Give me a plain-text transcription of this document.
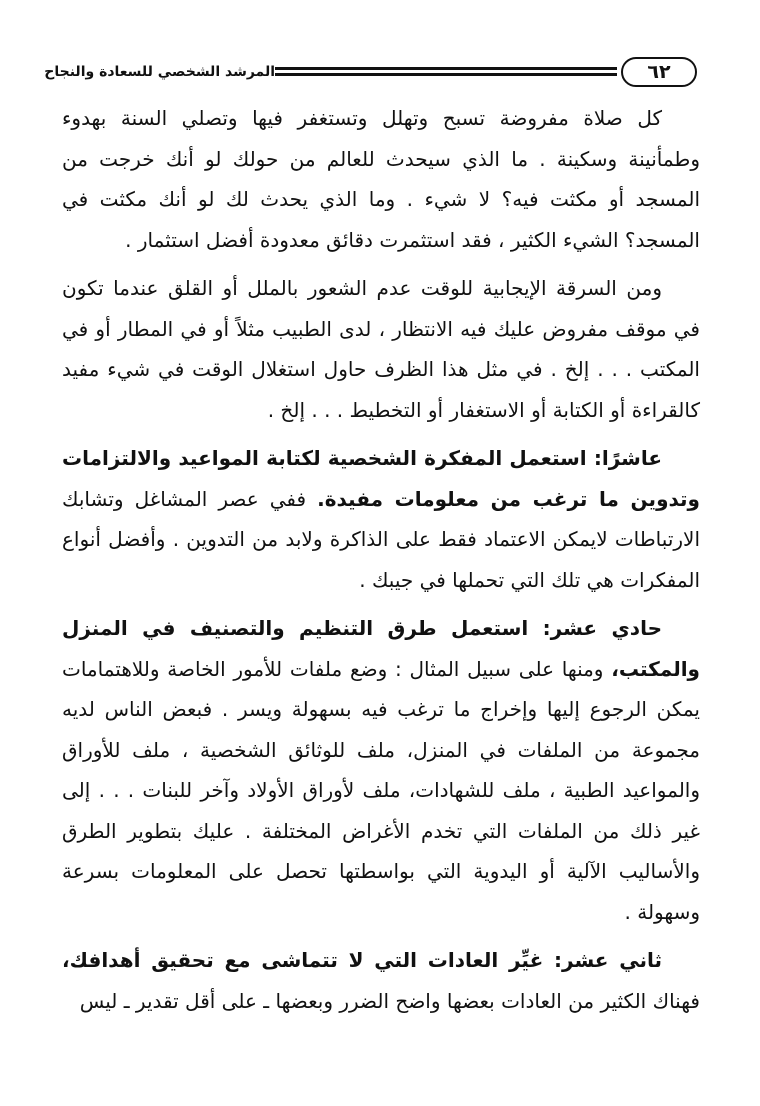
المرشد الشخصي للسعادة والنجاح	٦٢

كل صلاة مفروضة تسبح وتهلل وتستغفر فيها وتصلي السنة بهدوء وطمأنينة وسكينة . ما الذي سيحدث للعالم من حولك لو أنك خرجت من المسجد أو مكثت فيه؟ لا شيء . وما الذي يحدث لك لو أنك مكثت في المسجد؟ الشيء الكثير ، فقد استثمرت دقائق معدودة أفضل استثمار .

ومن السرقة الإيجابية للوقت عدم الشعور بالملل أو القلق عندما تكون في موقف مفروض عليك فيه الانتظار ، لدى الطبيب مثلاً أو في المطار أو في المكتب . . . إلخ . في مثل هذا الظرف حاول استغلال الوقت في شيء مفيد كالقراءة أو الكتابة أو الاستغفار أو التخطيط . . . إلخ .

عاشرًا: استعمل المفكرة الشخصية لكتابة المواعيد والالتزامات وتدوين ما ترغب من معلومات مفيدة. ففي عصر المشاغل وتشابك الارتباطات لايمكن الاعتماد فقط على الذاكرة ولابد من التدوين . وأفضل أنواع المفكرات هي تلك التي تحملها في جيبك .

حادي عشر: استعمل طرق التنظيم والتصنيف في المنزل والمكتب، ومنها على سبيل المثال : وضع ملفات للأمور الخاصة وللاهتمامات يمكن الرجوع إليها وإخراج ما ترغب فيه بسهولة ويسر . فبعض الناس لديه مجموعة من الملفات في المنزل، ملف للوثائق الشخصية ، ملف للأوراق والمواعيد الطبية ، ملف للشهادات، ملف لأوراق الأولاد وآخر للبنات . . . إلى غير ذلك من الملفات التي تخدم الأغراض المختلفة . عليك بتطوير الطرق والأساليب الآلية أو اليدوية التي بواسطتها تحصل على المعلومات بسرعة وسهولة .

ثاني عشر: غيِّر العادات التي لا تتماشى مع تحقيق أهدافك، فهناك الكثير من العادات بعضها واضح الضرر وبعضها ـ على أقل تقدير ـ ليس
